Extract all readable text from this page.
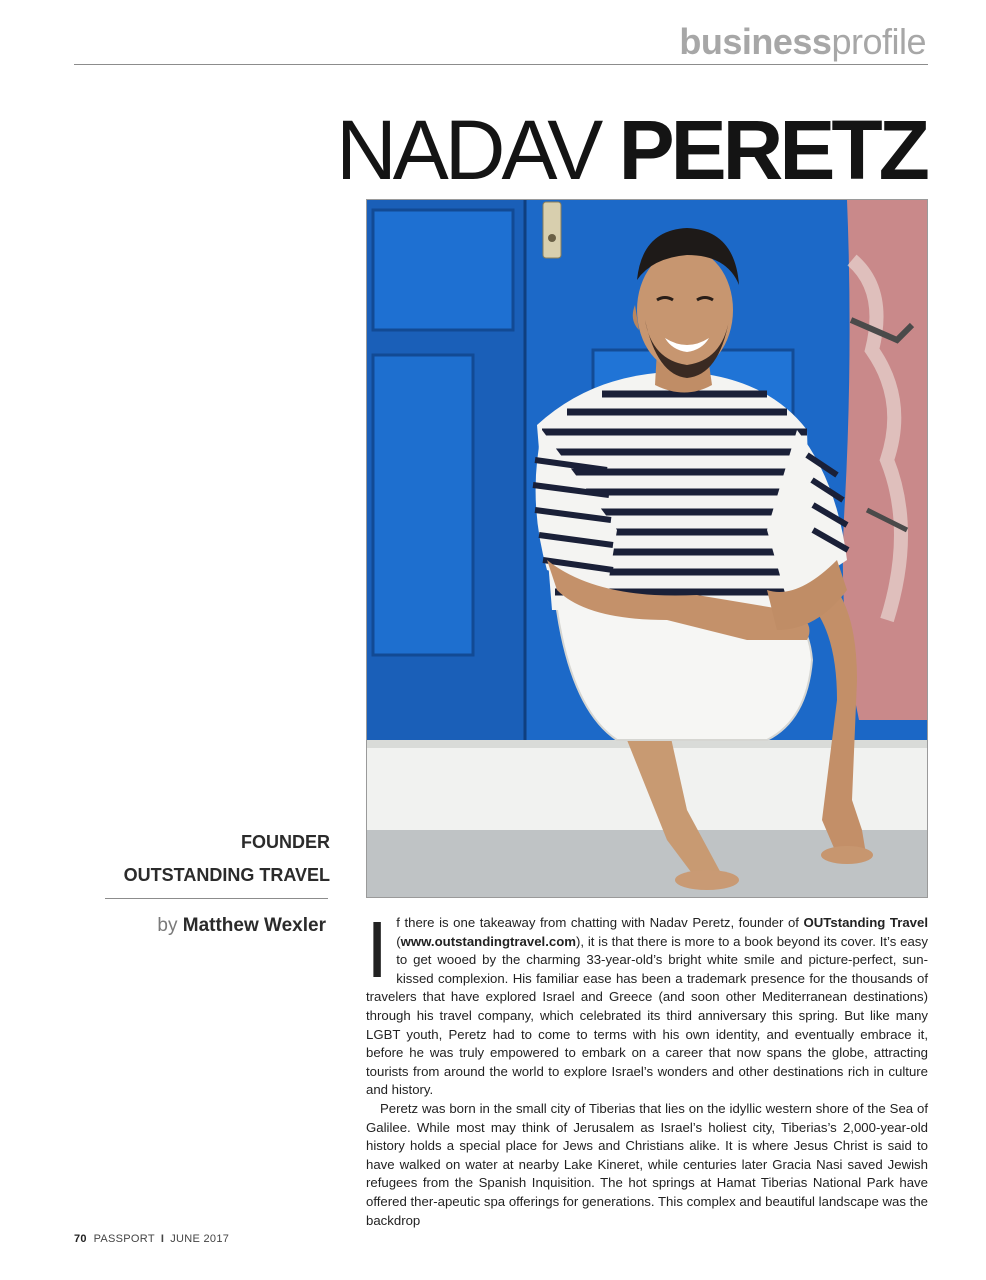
businessprofile
NADAV PERETZ
FOUNDER
OUTSTANDING TRAVEL
by Matthew Wexler If there is one takeaway from chatting with Nadav Peretz, founder of OUTstanding Travel (www.outstandingtravel.com), it is that there is more to a book beyond its cover. It’s easy to get wooed by the charming 33-year-old’s bright white smile and picture-perfect, sun-kissed complexion. His familiar ease has been a trademark presence for the thousands of travelers that have explored Israel and Greece (and soon other Mediterranean destinations) through his travel company, which celebrated its third anniversary this spring. But like many LGBT youth, Peretz had to come to terms with his own identity, and eventually embrace it, before he was truly empowered to embark on a career that now spans the globe, attracting tourists from around the world to explore Israel’s wonders and other destinations rich in culture and history.

Peretz was born in the small city of Tiberias that lies on the idyllic western shore of the Sea of Galilee. While most may think of Jerusalem as Israel’s holiest city, Tiberias’s 2,000-year-old history holds a special place for Jews and Christians alike. It is where Jesus Christ is said to have walked on water at nearby Lake Kineret, while centuries later Gracia Nasi saved Jewish refugees from the Spanish Inquisition. The hot springs at Hamat Tiberias National Park have offered ther-apeutic spa offerings for generations. This complex and beautiful landscape was the backdrop

70 PASSPORT I JUNE 2017
